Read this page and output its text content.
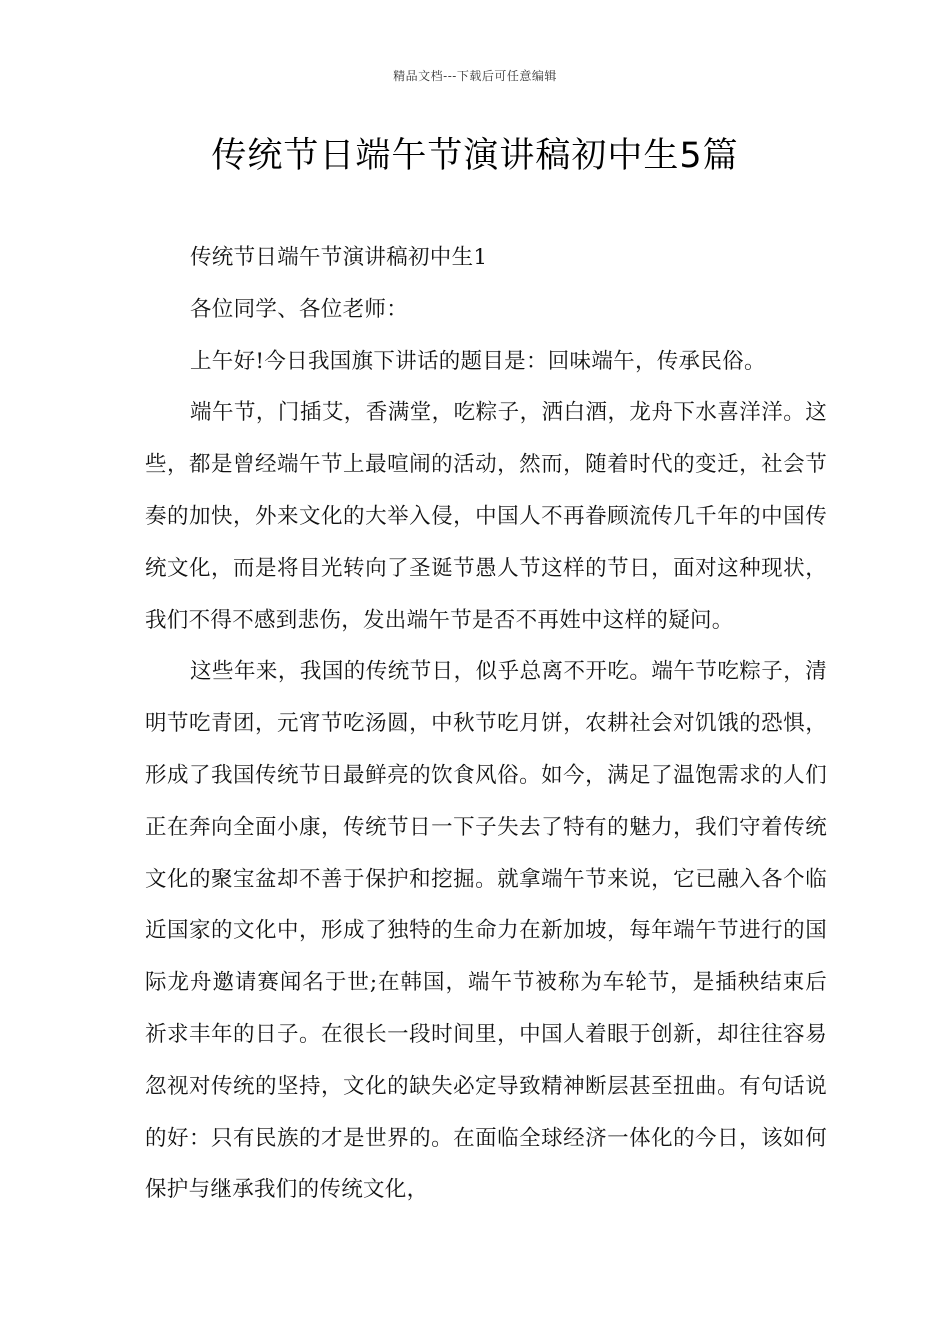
精品文档---下载后可任意编辑
传统节日端午节演讲稿初中生5篇

传统节日端午节演讲稿初中生1

各位同学、各位老师：

上午好!今日我国旗下讲话的题目是：回味端午，传承民俗。

端午节，门插艾，香满堂，吃粽子，洒白酒，龙舟下水喜洋洋。这些，都是曾经端午节上最喧闹的活动，然而，随着时代的变迁，社会节奏的加快，外来文化的大举入侵，中国人不再眷顾流传几千年的中国传统文化，而是将目光转向了圣诞节愚人节这样的节日，面对这种现状，我们不得不感到悲伤，发出端午节是否不再姓中这样的疑问。

这些年来，我国的传统节日，似乎总离不开吃。端午节吃粽子，清明节吃青团，元宵节吃汤圆，中秋节吃月饼，农耕社会对饥饿的恐惧，形成了我国传统节日最鲜亮的饮食风俗。如今，满足了温饱需求的人们正在奔向全面小康，传统节日一下子失去了特有的魅力，我们守着传统文化的聚宝盆却不善于保护和挖掘。就拿端午节来说，它已融入各个临近国家的文化中，形成了独特的生命力在新加坡，每年端午节进行的国际龙舟邀请赛闻名于世;在韩国，端午节被称为车轮节，是插秧结束后祈求丰年的日子。在很长一段时间里，中国人着眼于创新，却往往容易忽视对传统的坚持，文化的缺失必定导致精神断层甚至扭曲。有句话说的好：只有民族的才是世界的。在面临全球经济一体化的今日，该如何保护与继承我们的传统文化，
